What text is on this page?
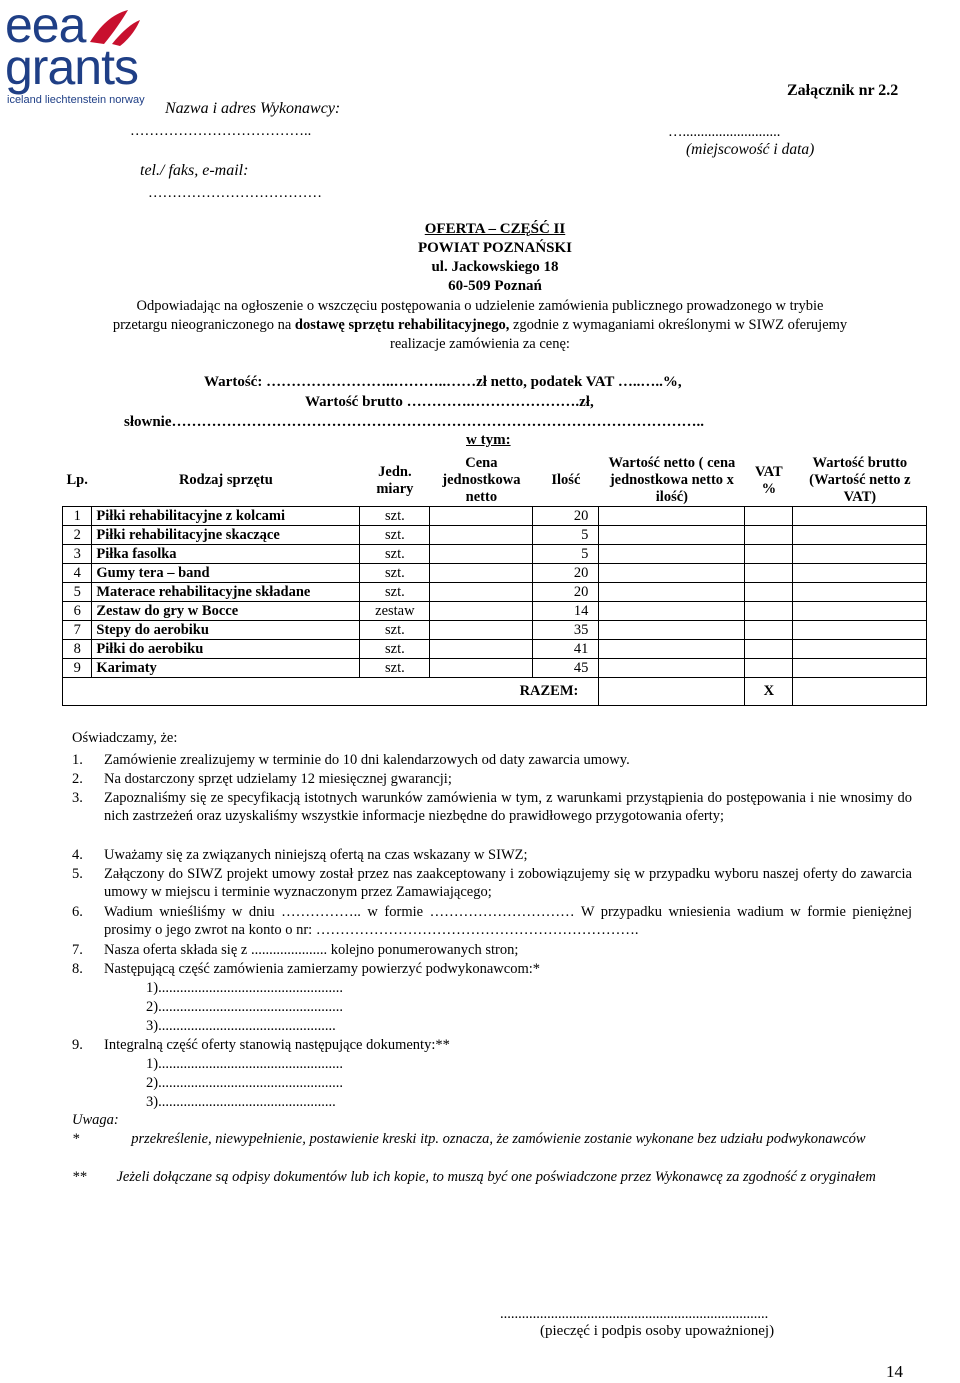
eea
grants
iceland liechtenstein norway Nazwa i adres Wykonawcy:
………………………………..
tel./ faks, e-mail:
………………………………
Załącznik nr 2.2
…...........................
(miejscowość i data)
OFERTA – CZĘŚĆ II
POWIAT POZNAŃSKI
ul. Jackowskiego 18
60-509 Poznań
Odpowiadając na ogłoszenie o wszczęciu postępowania o udzielenie zamówienia publicznego prowadzonego w trybie
przetargu nieograniczonego na dostawę sprzętu rehabilitacyjnego, zgodnie z wymaganiami określonymi w SIWZ oferujemy
realizacje zamówienia za cenę:
Wartość: ……………………..………..……zł netto, podatek VAT …..…..%,
Wartość brutto ………….………………….zł,
słownie……………………………………………………………………………………………..
w tym:
Lp.	Rodzaj sprzętu	Jedn. miary	Cena jednostkowa netto	Ilość	Wartość netto ( cena jednostkowa netto x ilość)	VAT %	Wartość brutto (Wartość netto z VAT)
1	Piłki rehabilitacyjne z kolcami	szt.		20			
2	Piłki rehabilitacyjne skaczące	szt.		5			
3	Piłka fasolka	szt.		5			
4	Gumy tera – band	szt.		20			
5	Materace rehabilitacyjne składane	szt.		20			
6	Zestaw do gry w Bocce	zestaw		14			
7	Stepy do aerobiku	szt.		35			
8	Piłki do aerobiku	szt.		41			
9	Karimaty	szt.		45			
RAZEM:						X	
Oświadczamy, że:
1. Zamówienie zrealizujemy w terminie do 10 dni kalendarzowych od daty zawarcia umowy.
2. Na dostarczony sprzęt udzielamy 12 miesięcznej gwarancji;
3. Zapoznaliśmy się ze specyfikacją istotnych warunków zamówienia w tym, z warunkami przystąpienia do postępowania i nie wnosimy do nich zastrzeżeń oraz uzyskaliśmy wszystkie informacje niezbędne do prawidłowego przygotowania oferty;
4. Uważamy się za związanych niniejszą ofertą na czas wskazany w SIWZ;
5. Załączony do SIWZ projekt umowy został przez nas zaakceptowany i zobowiązujemy się w przypadku wyboru naszej oferty do zawarcia umowy w miejscu i terminie wyznaczonym przez Zamawiającego;
6. Wadium wnieśliśmy w dniu …………….. w formie ………………………… W przypadku wniesienia wadium w formie pieniężnej prosimy o jego zwrot na konto o nr: ………………………………………………………….
7. Nasza oferta składa się z ..................... kolejno ponumerowanych stron;
8. Następującą część zamówienia zamierzamy powierzyć podwykonawcom:*
1)...................................................
2)...................................................
3).................................................
9. Integralną część oferty stanowią następujące dokumenty:**
1)...................................................
2)...................................................
3).................................................
Uwaga:
*	przekreślenie, niewypełnienie, postawienie kreski itp. oznacza, że zamówienie zostanie wykonane bez udziału podwykonawców
** Jeżeli dołączane są odpisy dokumentów lub ich kopie, to muszą być one poświadczone przez Wykonawcę za zgodność z oryginałem
..........................................................................
(pieczęć i podpis osoby upoważnionej)
14
